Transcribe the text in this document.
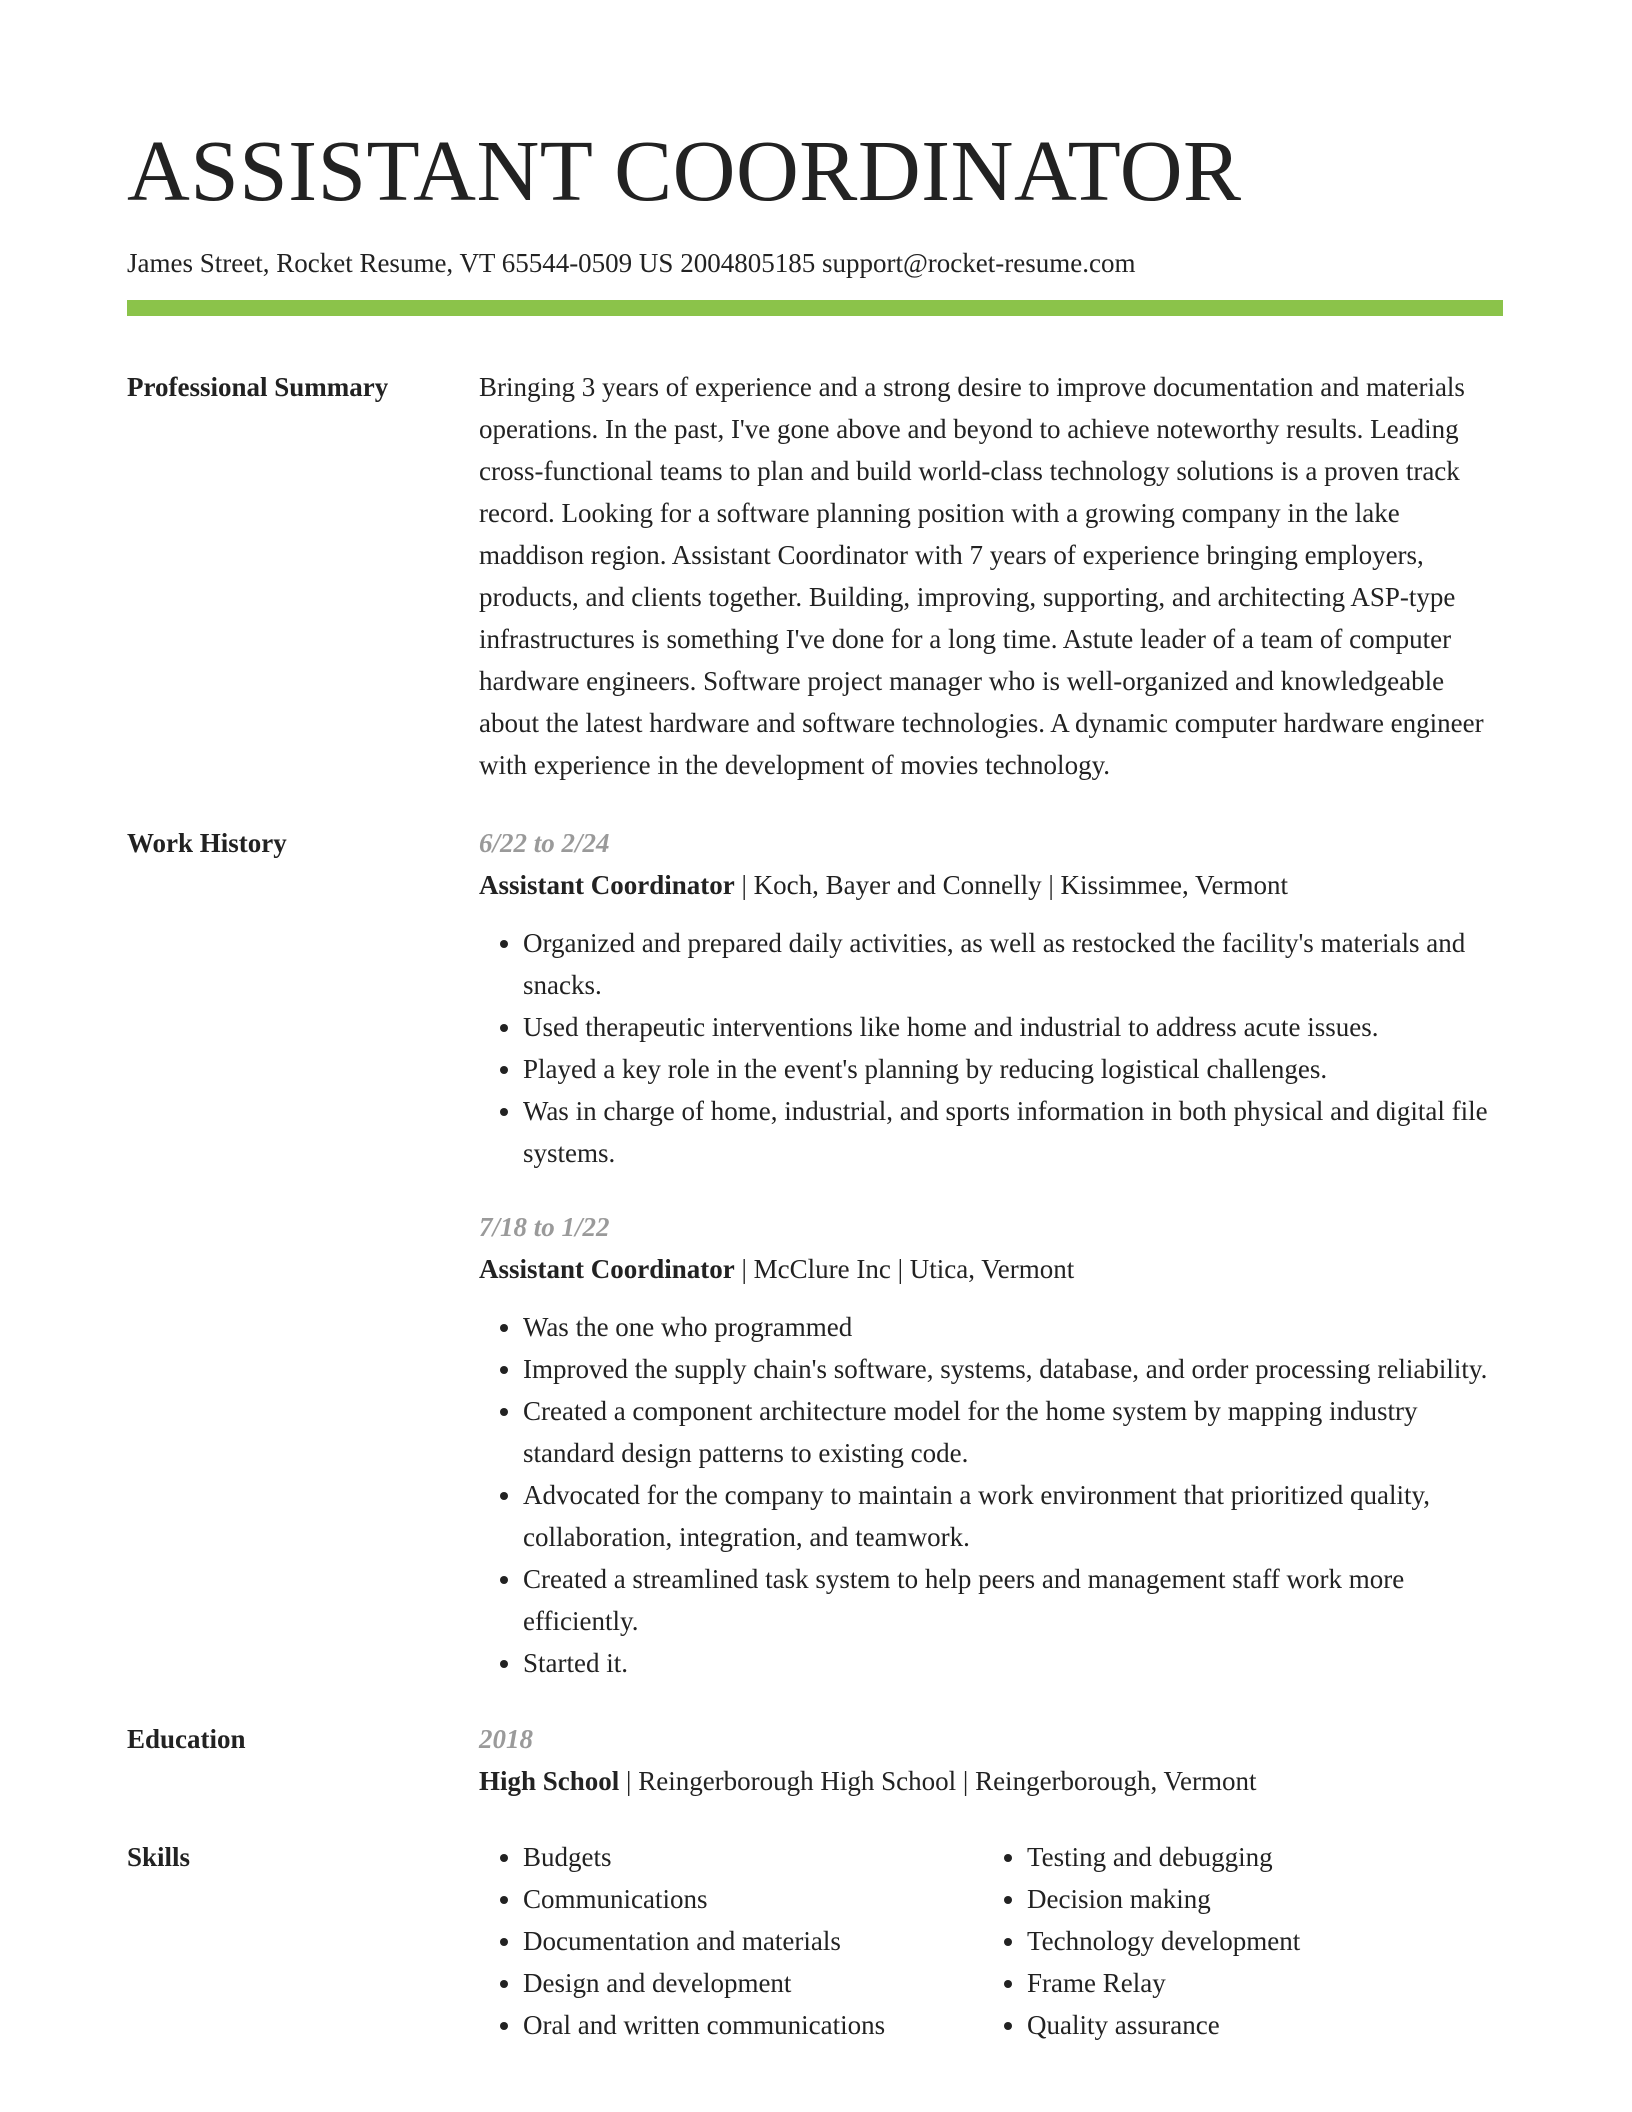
ASSISTANT COORDINATOR
James Street, Rocket Resume, VT 65544-0509 US 2004805185 support@rocket-resume.com
Professional Summary	Bringing 3 years of experience and a strong desire to improve documentation and materials operations. In the past, I've gone above and beyond to achieve noteworthy results. Leading cross-functional teams to plan and build world-class technology solutions is a proven track record. Looking for a software planning position with a growing company in the lake maddison region. Assistant Coordinator with 7 years of experience bringing employers, products, and clients together. Building, improving, supporting, and architecting ASP-type infrastructures is something I've done for a long time. Astute leader of a team of computer hardware engineers. Software project manager who is well-organized and knowledgeable about the latest hardware and software technologies. A dynamic computer hardware engineer with experience in the development of movies technology.

Work History	6/22 to 2/24
Assistant Coordinator | Koch, Bayer and Connelly | Kissimmee, Vermont
• Organized and prepared daily activities, as well as restocked the facility's materials and snacks.
• Used therapeutic interventions like home and industrial to address acute issues.
• Played a key role in the event's planning by reducing logistical challenges.
• Was in charge of home, industrial, and sports information in both physical and digital file systems.
7/18 to 1/22
Assistant Coordinator | McClure Inc | Utica, Vermont
• Was the one who programmed
• Improved the supply chain's software, systems, database, and order processing reliability.
• Created a component architecture model for the home system by mapping industry standard design patterns to existing code.
• Advocated for the company to maintain a work environment that prioritized quality, collaboration, integration, and teamwork.
• Created a streamlined task system to help peers and management staff work more efficiently.
• Started it.
Education	2018
High School | Reingerborough High School | Reingerborough, Vermont
Skills
•	Budgets
• Communications
• Documentation and materials
• Design and development
• Oral and written communications
• Testing and debugging
• Decision making
• Technology development
• Frame Relay
• Quality assurance
